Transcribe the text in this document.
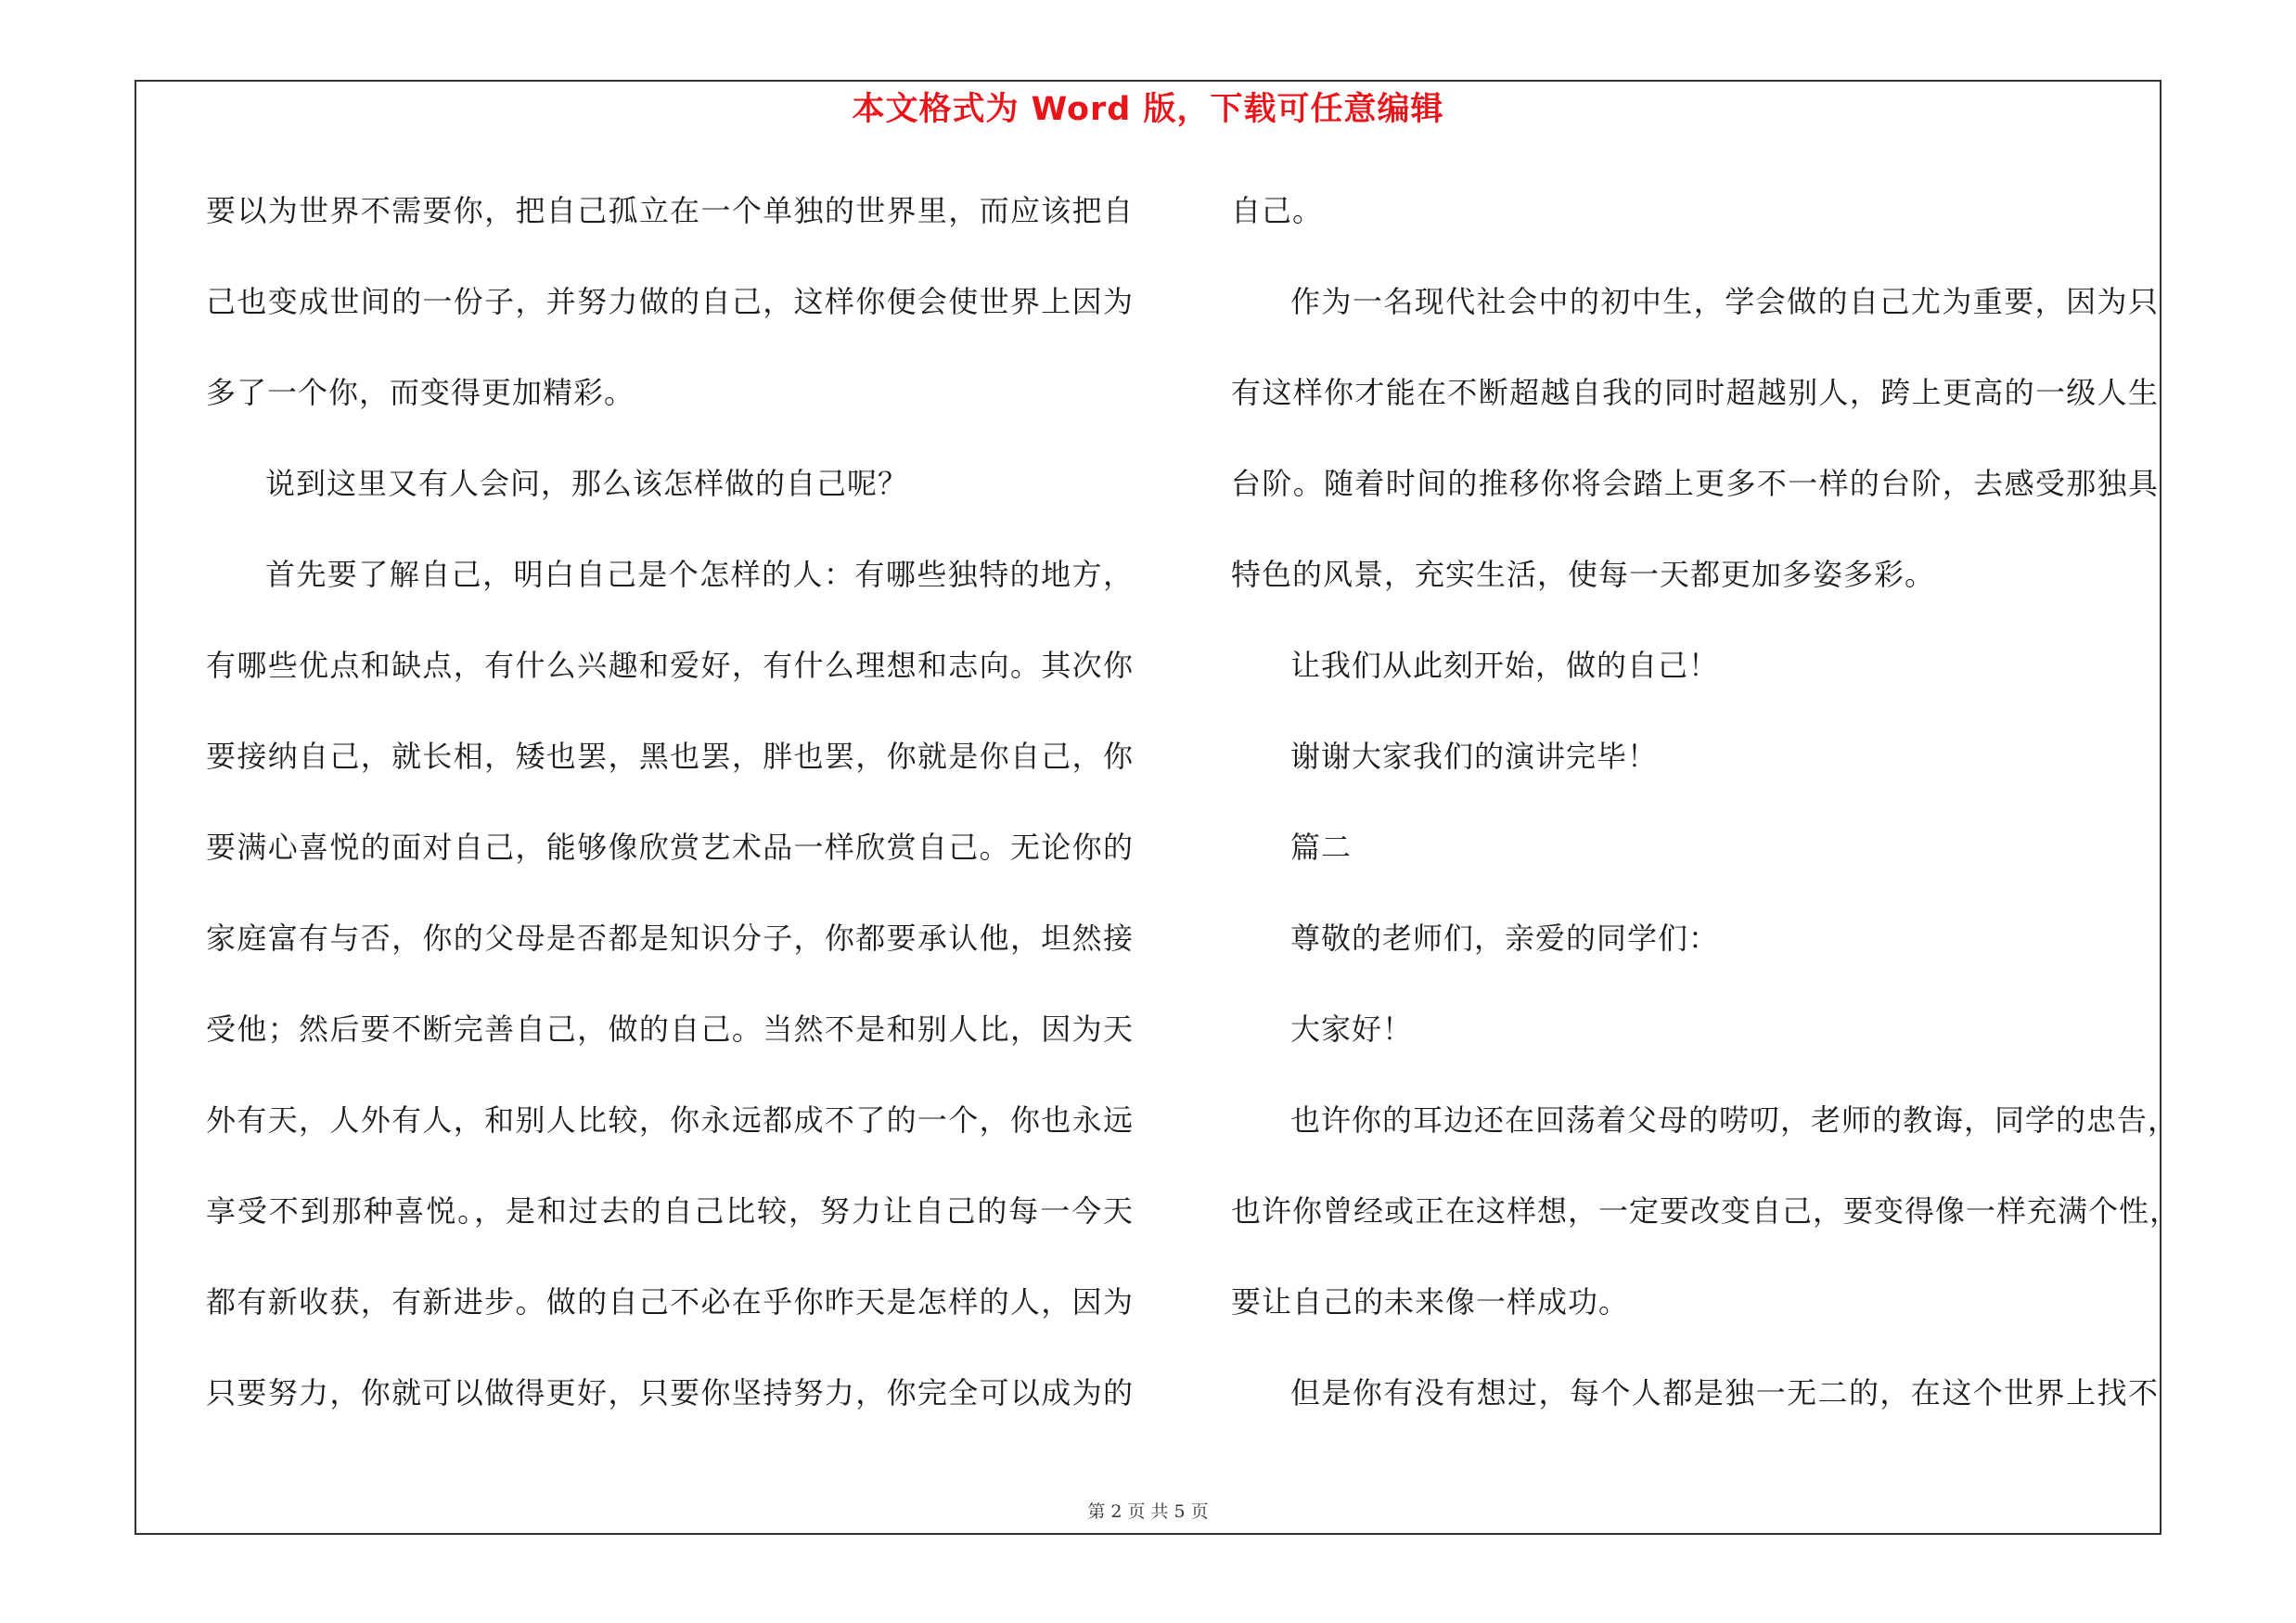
本文格式为 Word 版，下载可任意编辑
要以为世界不需要你，把自己孤立在一个单独的世界里，而应该把自
己也变成世间的一份子，并努力做的自己，这样你便会使世界上因为
多了一个你，而变得更加精彩。
说到这里又有人会问，那么该怎样做的自己呢？
首先要了解自己，明白自己是个怎样的人：有哪些独特的地方，
有哪些优点和缺点，有什么兴趣和爱好，有什么理想和志向。其次你
要接纳自己，就长相，矮也罢，黑也罢，胖也罢，你就是你自己，你
要满心喜悦的面对自己，能够像欣赏艺术品一样欣赏自己。无论你的
家庭富有与否，你的父母是否都是知识分子，你都要承认他，坦然接
受他；然后要不断完善自己，做的自己。当然不是和别人比，因为天
外有天，人外有人，和别人比较，你永远都成不了的一个，你也永远
享受不到那种喜悦。，是和过去的自己比较，努力让自己的每一今天
都有新收获，有新进步。做的自己不必在乎你昨天是怎样的人，因为
只要努力，你就可以做得更好，只要你坚持努力，你完全可以成为的
自己。
作为一名现代社会中的初中生，学会做的自己尤为重要，因为只
有这样你才能在不断超越自我的同时超越别人，跨上更高的一级人生
台阶。随着时间的推移你将会踏上更多不一样的台阶，去感受那独具
特色的风景，充实生活，使每一天都更加多姿多彩。
让我们从此刻开始，做的自己！
谢谢大家我们的演讲完毕！
篇二
尊敬的老师们，亲爱的同学们：
大家好！
也许你的耳边还在回荡着父母的唠叨，老师的教诲，同学的忠告，
也许你曾经或正在这样想，一定要改变自己，要变得像一样充满个性，
要让自己的未来像一样成功。
但是你有没有想过，每个人都是独一无二的，在这个世界上找不
第 2 页 共 5 页
